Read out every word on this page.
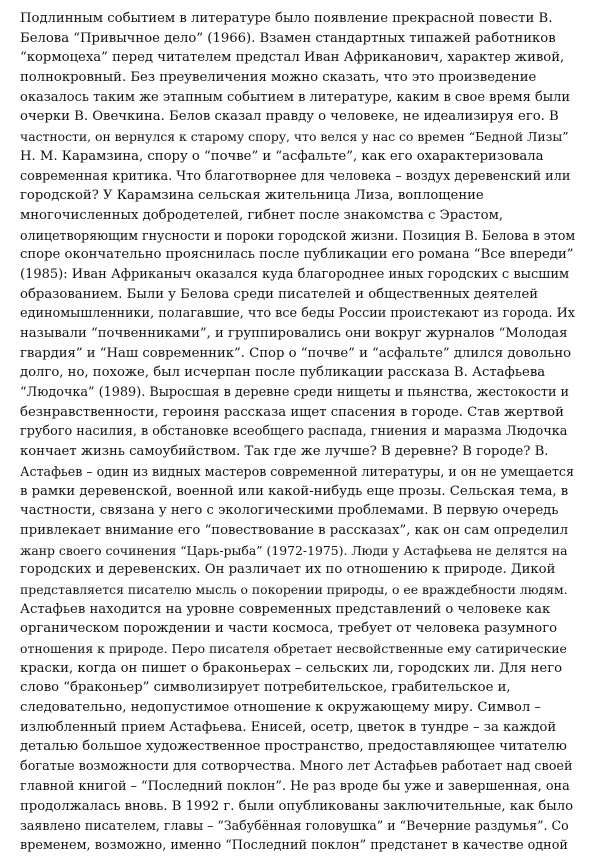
Подлинным событием в литературе было появление прекрасной повести В.
Белова “Привычное дело” (1966). Взамен стандартных типажей работников
“кормоцеха” перед читателем предстал Иван Африканович, характер живой,
полнокровный. Без преувеличения можно сказать, что это произведение
оказалось таким же этапным событием в литературе, каким в свое время были
очерки В. Овечкина. Белов сказал правду о человеке, не идеализируя его. В
частности, он вернулся к старому спору, что велся у нас со времен “Бедной Лизы”
Н. М. Карамзина, спору о “почве” и “асфальте”, как его охарактеризовала
современная критика. Что благотворнее для человека – воздух деревенский или
городской? У Карамзина сельская жительница Лиза, воплощение
многочисленных добродетелей, гибнет после знакомства с Эрастом,
олицетворяющим гнусности и пороки городской жизни. Позиция В. Белова в этом
споре окончательно прояснилась после публикации его романа “Все впереди”
(1985): Иван Африканыч оказался куда благороднее иных городских с высшим
образованием. Были у Белова среди писателей и общественных деятелей
единомышленники, полагавшие, что все беды России проистекают из города. Их
называли “почвенниками”, и группировались они вокруг журналов “Молодая
гвардия” и “Наш современник”. Спор о “почве” и “асфальте” длился довольно
долго, но, похоже, был исчерпан после публикации рассказа В. Астафьева
“Людочка” (1989). Выросшая в деревне среди нищеты и пьянства, жестокости и
безнравственности, героиня рассказа ищет спасения в городе. Став жертвой
грубого насилия, в обстановке всеобщего распада, гниения и маразма Людочка
кончает жизнь самоубийством. Так где же лучше? В деревне? В городе? В.
Астафьев – один из видных мастеров современной литературы, и он не умещается
в рамки деревенской, военной или какой-нибудь еще прозы. Сельская тема, в
частности, связана у него с экологическими проблемами. В первую очередь
привлекает внимание его “повествование в рассказах”, как он сам определил
жанр своего сочинения “Царь-рыба” (1972-1975). Люди у Астафьева не делятся на
городских и деревенских. Он различает их по отношению к природе. Дикой
представляется писателю мысль о покорении природы, о ее враждебности людям.
Астафьев находится на уровне современных представлений о человеке как
органическом порождении и части космоса, требует от человека разумного
отношения к природе. Перо писателя обретает несвойственные ему сатирические
краски, когда он пишет о браконьерах – сельских ли, городских ли. Для него
слово “браконьер” символизирует потребительское, грабительское и,
следовательно, недопустимое отношение к окружающему миру. Символ –
излюбленный прием Астафьева. Енисей, осетр, цветок в тундре – за каждой
деталью большое художественное пространство, предоставляющее читателю
богатые возможности для сотворчества. Много лет Астафьев работает над своей
главной книгой – “Последний поклон”. Не раз вроде бы уже и завершенная, она
продолжалась вновь. В 1992 г. были опубликованы заключительные, как было
заявлено писателем, главы – “Забубённая головушка” и “Вечерние раздумья”. Со
временем, возможно, именно “Последний поклон” предстанет в качестве одной
